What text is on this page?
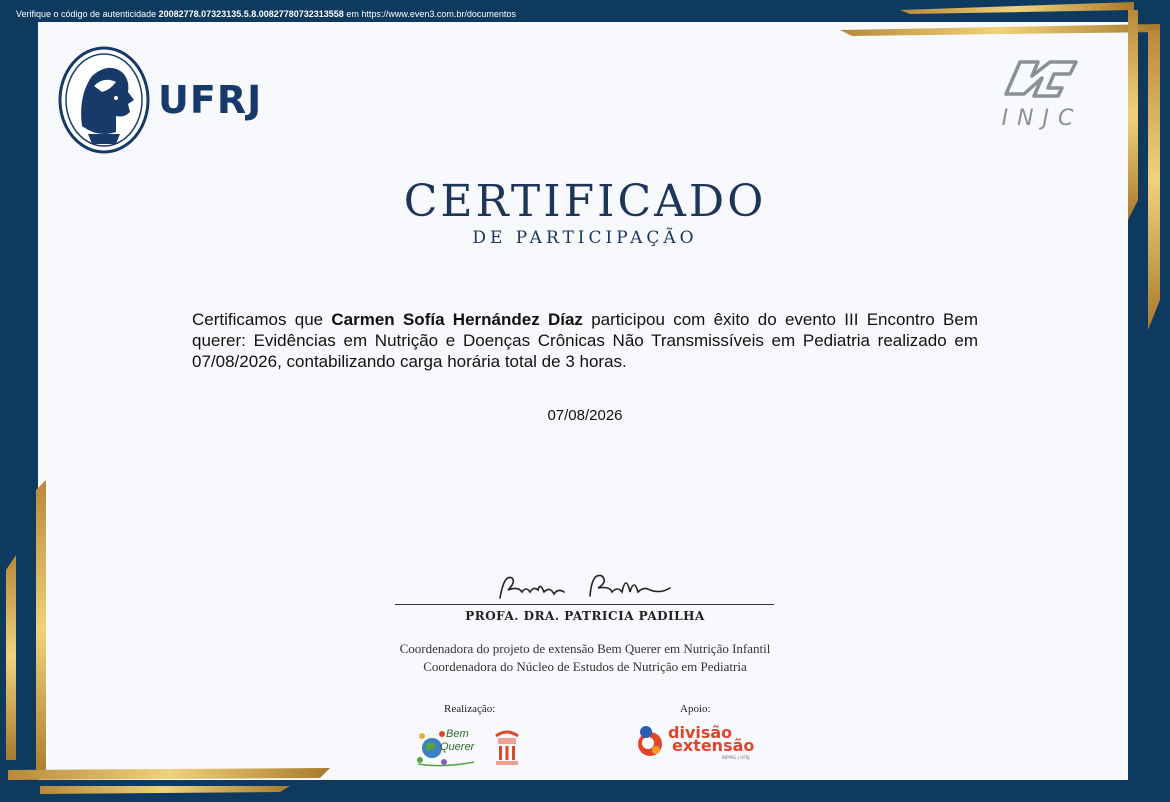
Verifique o código de autenticidade 20082778.07323135.5.8.00827780732313558 em https://www.even3.com.br/documentos
UFRJ	INJC
CERTIFICADO
DE PARTICIPAÇÃO
Certificamos que Carmen Sofía Hernández Díaz participou com êxito do evento III Encontro Bem querer: Evidências em Nutrição e Doenças Crônicas Não Transmissíveis em Pediatria realizado em 07/08/2026, contabilizando carga horária total de 3 horas.
07/08/2026
PROFA. DRA. PATRICIA PADILHA
Coordenadora do projeto de extensão Bem Querer em Nutrição Infantil
Coordenadora do Núcleo de Estudos de Nutrição em Pediatria
Realização:	Apoio:
Bem
Querer
divisão
extensão
INPPAG | UFRJ
